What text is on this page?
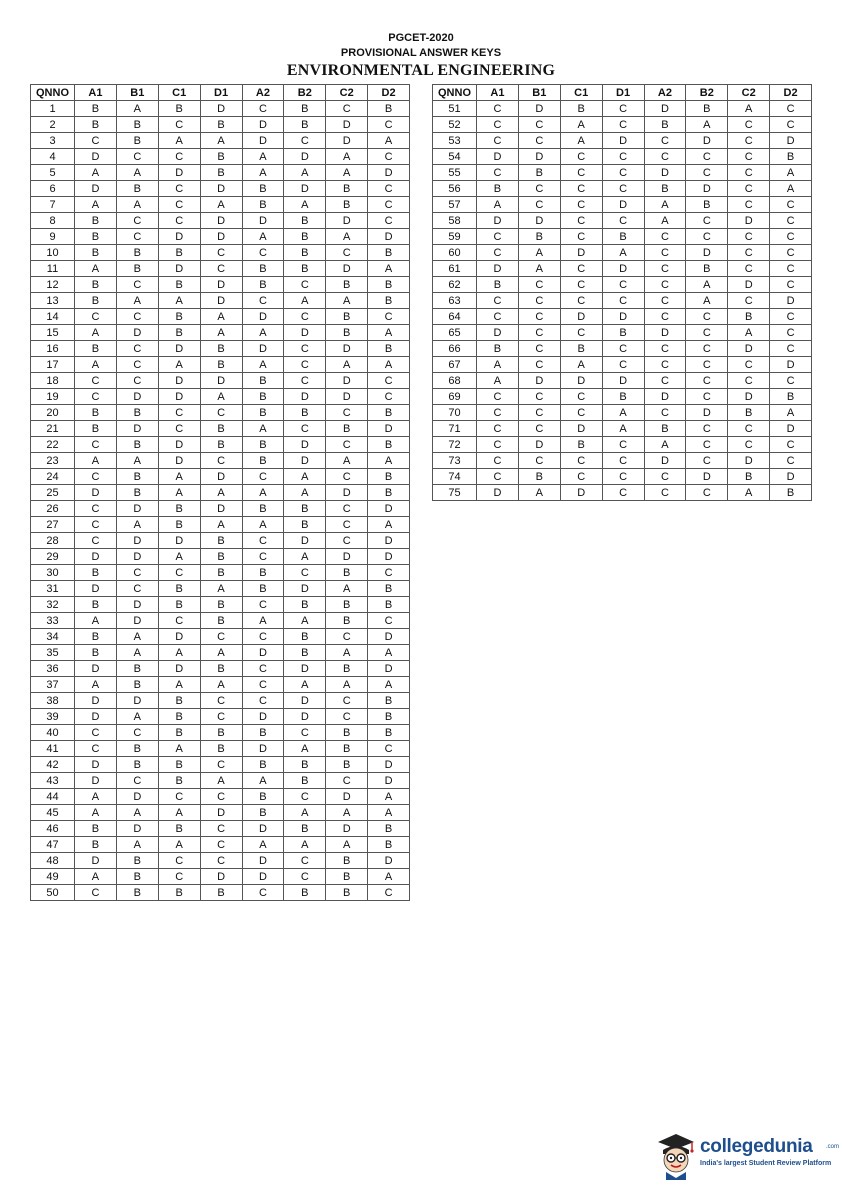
PGCET-2020
PROVISIONAL ANSWER KEYS
ENVIRONMENTAL ENGINEERING
QNNO	A1	B1	C1	D1	A2	B2	C2	D2
1	B	A	B	D	C	B	C	B
2	B	B	C	B	D	B	D	C
3	C	B	A	A	D	C	D	A
4	D	C	C	B	A	D	A	C
5	A	A	D	B	A	A	A	D
6	D	B	C	D	B	D	B	C
7	A	A	C	A	B	A	B	C
8	B	C	C	D	D	B	D	C
9	B	C	D	D	A	B	A	D
10	B	B	B	C	C	B	C	B
11	A	B	D	C	B	B	D	A
12	B	C	B	D	B	C	B	B
13	B	A	A	D	C	A	A	B
14	C	C	B	A	D	C	B	C
15	A	D	B	A	A	D	B	A
16	B	C	D	B	D	C	D	B
17	A	C	A	B	A	C	A	A
18	C	C	D	D	B	C	D	C
19	C	D	D	A	B	D	D	C
20	B	B	C	C	B	B	C	B
21	B	D	C	B	A	C	B	D
22	C	B	D	B	B	D	C	B
23	A	A	D	C	B	D	A	A
24	C	B	A	D	C	A	C	B
25	D	B	A	A	A	A	D	B
26	C	D	B	D	B	B	C	D
27	C	A	B	A	A	B	C	A
28	C	D	D	B	C	D	C	D
29	D	D	A	B	C	A	D	D
30	B	C	C	B	B	C	B	C
31	D	C	B	A	B	D	A	B
32	B	D	B	B	C	B	B	B
33	A	D	C	B	A	A	B	C
34	B	A	D	C	C	B	C	D
35	B	A	A	A	D	B	A	A
36	D	B	D	B	C	D	B	D
37	A	B	A	A	C	A	A	A
38	D	D	B	C	C	D	C	B
39	D	A	B	C	D	D	C	B
40	C	C	B	B	B	C	B	B
41	C	B	A	B	D	A	B	C
42	D	B	B	C	B	B	B	D
43	D	C	B	A	A	B	C	D
44	A	D	C	C	B	C	D	A
45	A	A	A	D	B	A	A	A
46	B	D	B	C	D	B	D	B
47	B	A	A	C	A	A	A	B
48	D	B	C	C	D	C	B	D
49	A	B	C	D	D	C	B	A
50	C	B	B	B	C	B	B	C
QNNO	A1	B1	C1	D1	A2	B2	C2	D2
51	C	D	B	C	D	B	A	C
52	C	C	A	C	B	A	C	C
53	C	C	A	D	C	D	C	D
54	D	D	C	C	C	C	C	B
55	C	B	C	C	D	C	C	A
56	B	C	C	C	B	D	C	A
57	A	C	C	D	A	B	C	C
58	D	D	C	C	A	C	D	C
59	C	B	C	B	C	C	C	C
60	C	A	D	A	C	D	C	C
61	D	A	C	D	C	B	C	C
62	B	C	C	C	C	A	D	C
63	C	C	C	C	C	A	C	D
64	C	C	D	D	C	C	B	C
65	D	C	C	B	D	C	A	C
66	B	C	B	C	C	C	D	C
67	A	C	A	C	C	C	C	D
68	A	D	D	D	C	C	C	C
69	C	C	C	B	D	C	D	B
70	C	C	C	A	C	D	B	A
71	C	C	D	A	B	C	C	D
72	C	D	B	C	A	C	C	C
73	C	C	C	C	D	C	D	C
74	C	B	C	C	C	D	B	D
75	D	A	D	C	C	C	A	B
collegedunia .com
India's largest Student Review Platform
